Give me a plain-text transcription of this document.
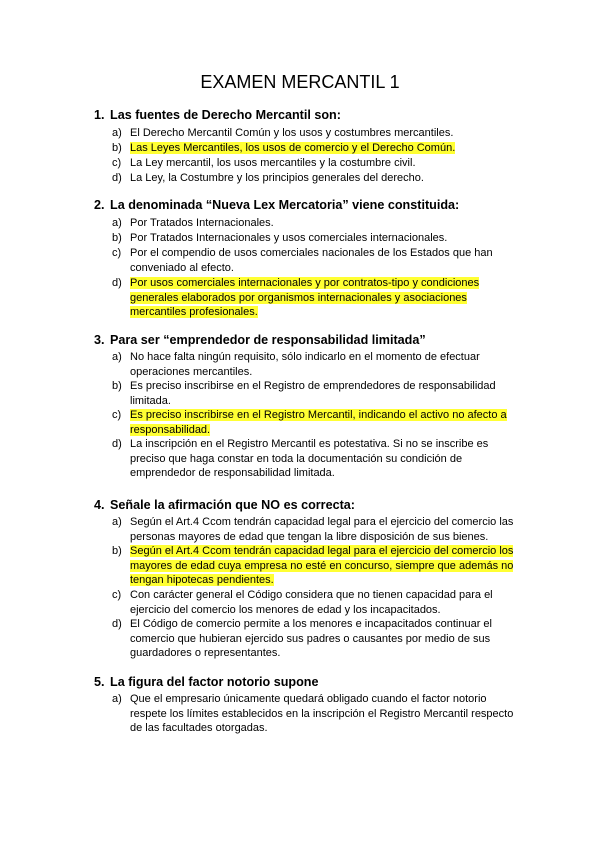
EXAMEN MERCANTIL 1
1. Las fuentes de Derecho Mercantil son:
a) El Derecho Mercantil Común y los usos y costumbres mercantiles.
b) Las Leyes Mercantiles, los usos de comercio y el Derecho Común.
c) La Ley mercantil, los usos mercantiles y la costumbre civil.
d) La Ley, la Costumbre y los principios generales del derecho.
2. La denominada “Nueva Lex Mercatoria” viene constituida:
a) Por Tratados Internacionales.
b) Por Tratados Internacionales y usos comerciales internacionales.
c) Por el compendio de usos comerciales nacionales de los Estados que han
conveniado al efecto.
d) Por usos comerciales internacionales y por contratos-tipo y condiciones
generales elaborados por organismos internacionales y asociaciones
mercantiles profesionales.
3. Para ser “emprendedor de responsabilidad limitada”
a) No hace falta ningún requisito, sólo indicarlo en el momento de efectuar
operaciones mercantiles.
b) Es preciso inscribirse en el Registro de emprendedores de responsabilidad
limitada.
c) Es preciso inscribirse en el Registro Mercantil, indicando el activo no afecto a
responsabilidad.
d) La inscripción en el Registro Mercantil es potestativa. Si no se inscribe es
preciso que haga constar en toda la documentación su condición de
emprendedor de responsabilidad limitada.
4. Señale la afirmación que NO es correcta:
a) Según el Art.4 Ccom tendrán capacidad legal para el ejercicio del comercio las
personas mayores de edad que tengan la libre disposición de sus bienes.
b) Según el Art.4 Ccom tendrán capacidad legal para el ejercicio del comercio los
mayores de edad cuya empresa no esté en concurso, siempre que además no
tengan hipotecas pendientes.
c) Con carácter general el Código considera que no tienen capacidad para el
ejercicio del comercio los menores de edad y los incapacitados.
d) El Código de comercio permite a los menores e incapacitados continuar el
comercio que hubieran ejercido sus padres o causantes por medio de sus
guardadores o representantes.
5. La figura del factor notorio supone
a) Que el empresario únicamente quedará obligado cuando el factor notorio
respete los límites establecidos en la inscripción el Registro Mercantil respecto
de las facultades otorgadas.
